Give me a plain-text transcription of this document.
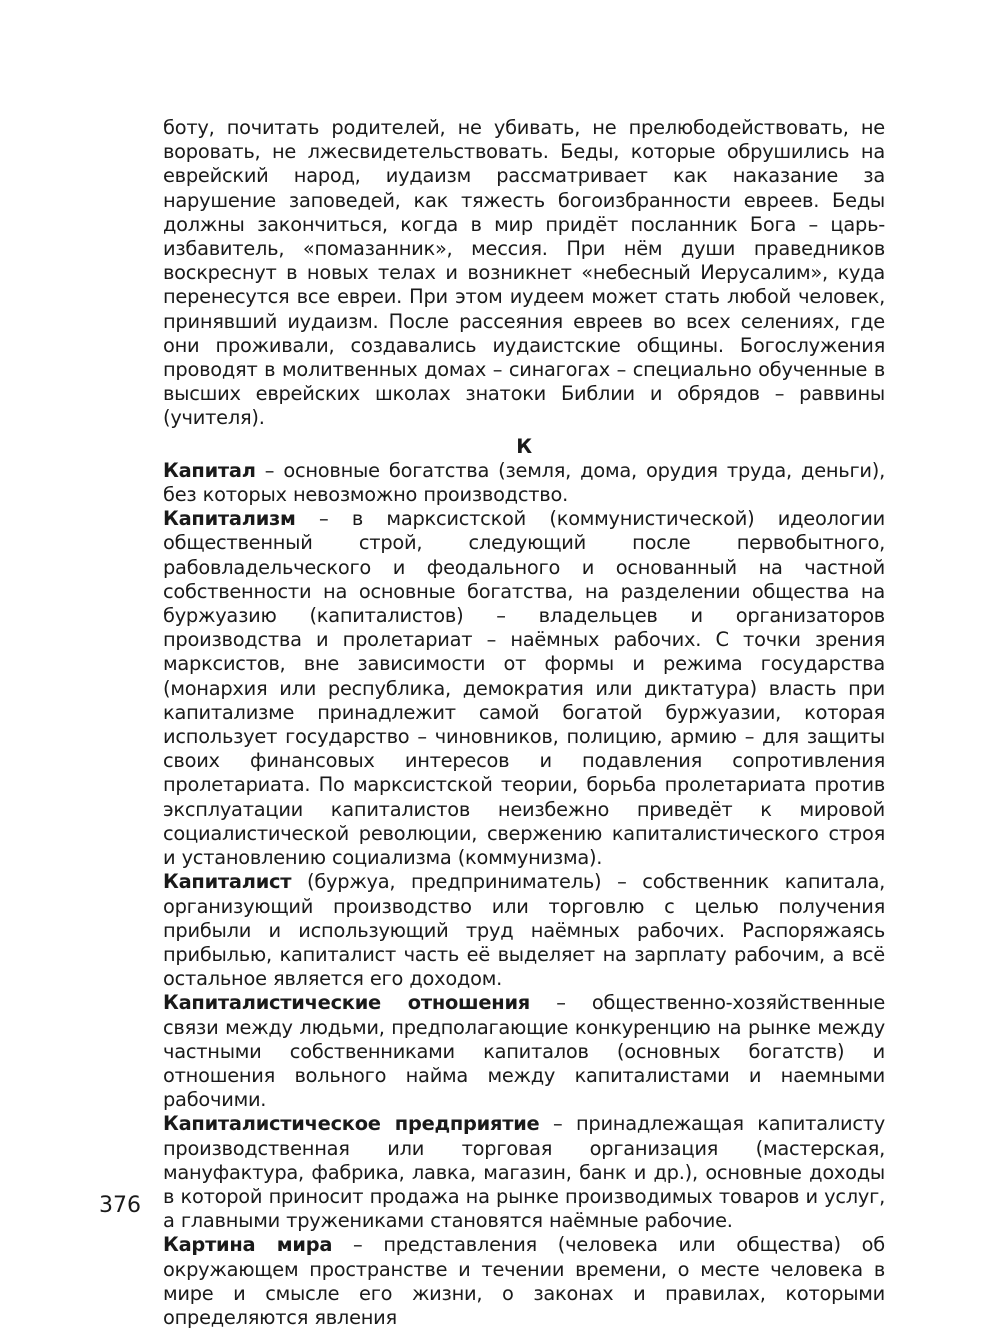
боту, почитать родителей, не убивать, не прелюбодействовать, не воровать, не лжесвидетельствовать. Беды, которые обрушились на еврейский народ, иудаизм рассматривает как наказание за нарушение заповедей, как тяжесть богоизбранности евреев. Беды должны закончиться, когда в мир придёт посланник Бога – царь-избавитель, «помазанник», мессия. При нём души праведников воскреснут в новых телах и возникнет «небесный Иерусалим», куда перенесутся все евреи. При этом иудеем может стать любой человек, принявший иудаизм. После рассеяния евреев во всех селениях, где они проживали, создавались иудаистские общины. Богослужения проводят в молитвенных домах – синагогах – специально обученные в высших еврейских школах знатоки Библии и обрядов – раввины (учителя).

К

Капитал – основные богатства (земля, дома, орудия труда, деньги), без которых невозможно производство.

Капитализм – в марксистской (коммунистической) идеологии общественный строй, следующий после первобытного, рабовладельческого и феодального и основанный на частной собственности на основные богатства, на разделении общества на буржуазию (капиталистов) – владельцев и организаторов производства и пролетариат – наёмных рабочих. С точки зрения марксистов, вне зависимости от формы и режима государства (монархия или республика, демократия или диктатура) власть при капитализме принадлежит самой богатой буржуазии, которая использует государство – чиновников, полицию, армию – для защиты своих финансовых интересов и подавления сопротивления пролетариата. По марксистской теории, борьба пролетариата против эксплуатации капиталистов неизбежно приведёт к мировой социалистической революции, свержению капиталистического строя и установлению социализма (коммунизма).

Капиталист (буржуа, предприниматель) – собственник капитала, организующий производство или торговлю с целью получения прибыли и использующий труд наёмных рабочих. Распоряжаясь прибылью, капиталист часть её выделяет на зарплату рабочим, а всё остальное является его доходом.

Капиталистические отношения – общественно-хозяйственные связи между людьми, предполагающие конкуренцию на рынке между частными собственниками капиталов (основных богатств) и отношения вольного найма между капиталистами и наемными рабочими.

Капиталистическое предприятие – принадлежащая капиталисту производственная или торговая организация (мастерская, мануфактура, фабрика, лавка, магазин, банк и др.), основные доходы в которой приносит продажа на рынке производимых товаров и услуг, а главными тружениками становятся наёмные рабочие.

Картина мира – представления (человека или общества) об окружающем пространстве и течении времени, о месте человека в мире и смысле его жизни, о законах и правилах, которыми определяются явления

376
